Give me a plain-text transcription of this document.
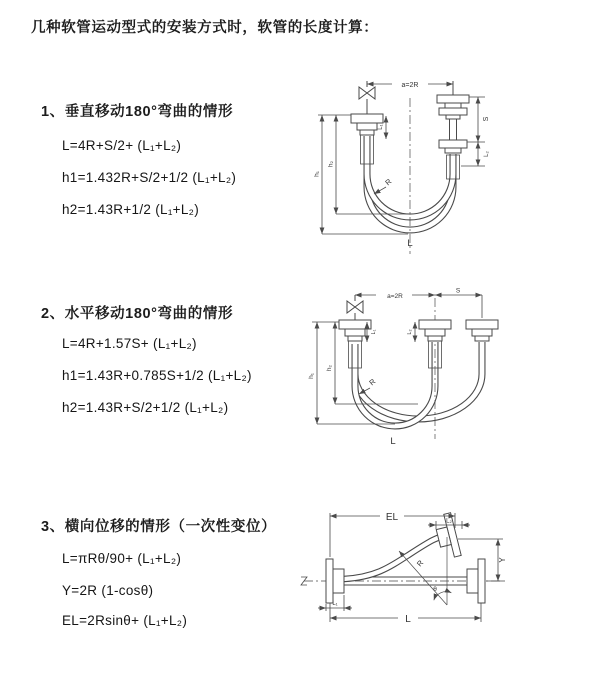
几种软管运动型式的安装方式时，软管的长度计算：
1、垂直移动180°弯曲的情形
L=4R+S/2+ (L₁+L₂)
h1=1.432R+S/2+1/2 (L₁+L₂)
h2=1.43R+1/2 (L₁+L₂)
2、水平移动180°弯曲的情形
L=4R+1.57S+ (L₁+L₂)
h1=1.43R+0.785S+1/2 (L₁+L₂)
h2=1.43R+S/2+1/2 (L₁+L₂)
3、横向位移的情形（一次性变位）
L=πRθ/90+ (L₁+L₂)
Y=2R (1-cosθ)
EL=2Rsinθ+ (L₁+L₂)
a=2R
S
L₂
L₁
h₂
h₁
R
L
a=2R
S
L₁	L₂
h₂
h₁
R
L
EL	L₂
Y
R
θ
L₁
L
